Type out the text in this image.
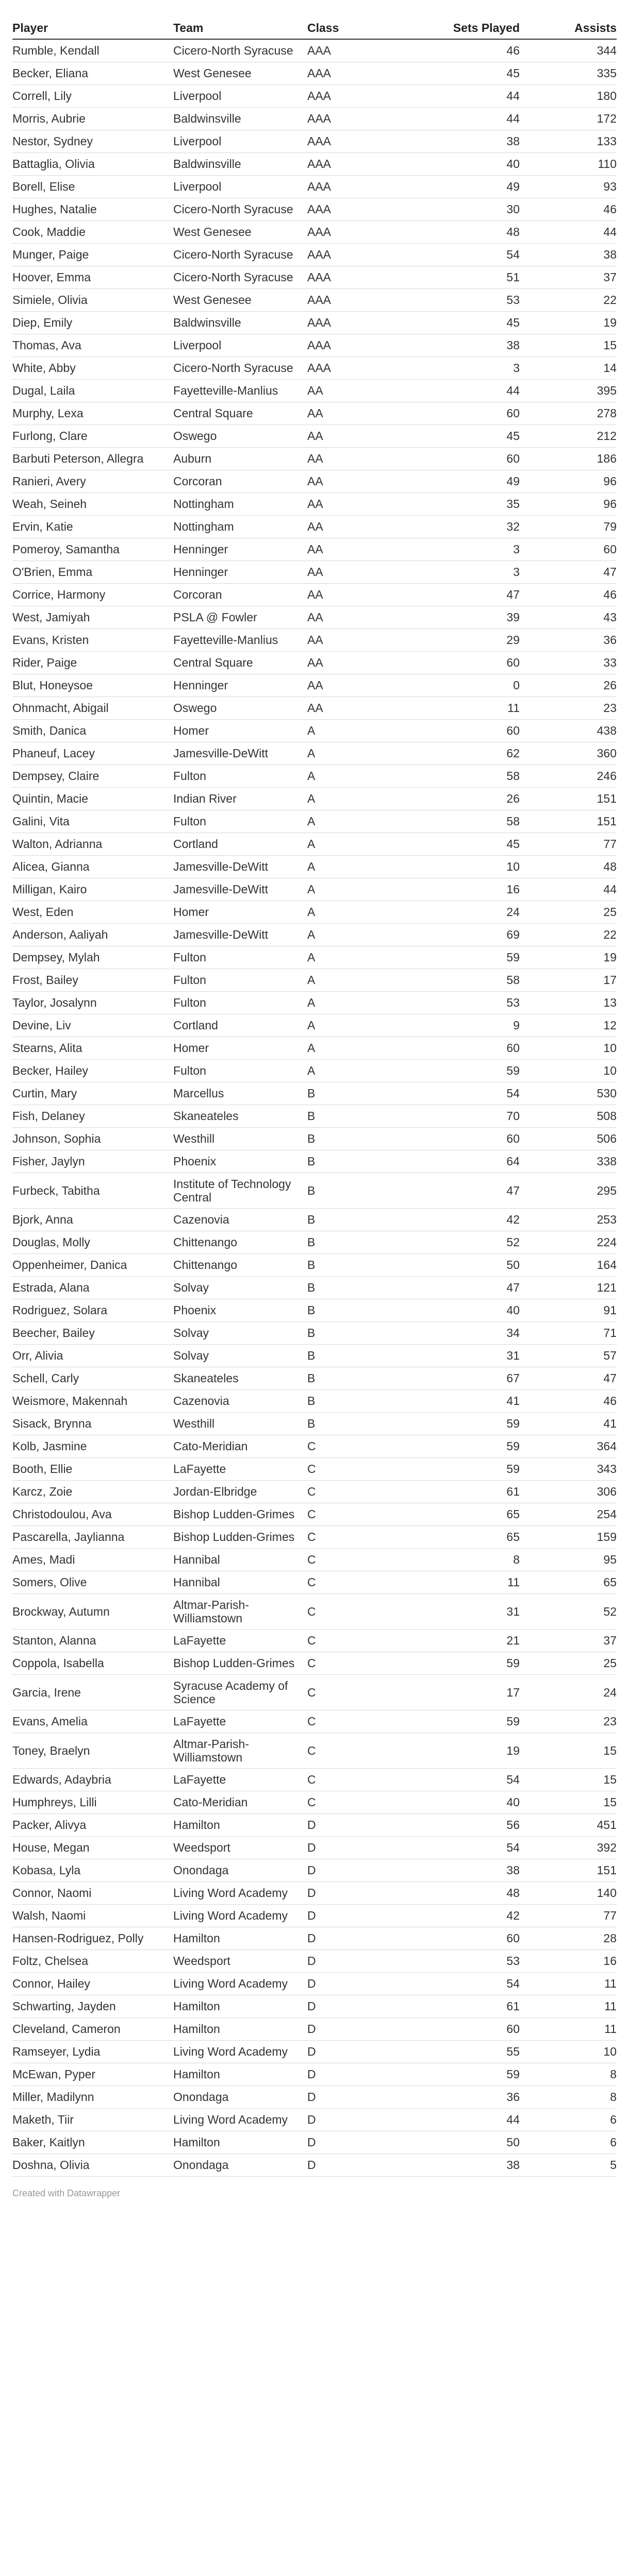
Player	Team	Class	Sets Played	Assists
Rumble, Kendall	Cicero-North Syracuse	AAA	46	344
Becker, Eliana	West Genesee	AAA	45	335
Correll, Lily	Liverpool	AAA	44	180
Morris, Aubrie	Baldwinsville	AAA	44	172
Nestor, Sydney	Liverpool	AAA	38	133
Battaglia, Olivia	Baldwinsville	AAA	40	110
Borell, Elise	Liverpool	AAA	49	93
Hughes, Natalie	Cicero-North Syracuse	AAA	30	46
Cook, Maddie	West Genesee	AAA	48	44
Munger, Paige	Cicero-North Syracuse	AAA	54	38
Hoover, Emma	Cicero-North Syracuse	AAA	51	37
Simiele, Olivia	West Genesee	AAA	53	22
Diep, Emily	Baldwinsville	AAA	45	19
Thomas, Ava	Liverpool	AAA	38	15
White, Abby	Cicero-North Syracuse	AAA	3	14
Dugal, Laila	Fayetteville-Manlius	AA	44	395
Murphy, Lexa	Central Square	AA	60	278
Furlong, Clare	Oswego	AA	45	212
Barbuti Peterson, Allegra	Auburn	AA	60	186
Ranieri, Avery	Corcoran	AA	49	96
Weah, Seineh	Nottingham	AA	35	96
Ervin, Katie	Nottingham	AA	32	79
Pomeroy, Samantha	Henninger	AA	3	60
O'Brien, Emma	Henninger	AA	3	47
Corrice, Harmony	Corcoran	AA	47	46
West, Jamiyah	PSLA @ Fowler	AA	39	43
Evans, Kristen	Fayetteville-Manlius	AA	29	36
Rider, Paige	Central Square	AA	60	33
Blut, Honeysoe	Henninger	AA	0	26
Ohnmacht, Abigail	Oswego	AA	11	23
Smith, Danica	Homer	A	60	438
Phaneuf, Lacey	Jamesville-DeWitt	A	62	360
Dempsey, Claire	Fulton	A	58	246
Quintin, Macie	Indian River	A	26	151
Galini, Vita	Fulton	A	58	151
Walton, Adrianna	Cortland	A	45	77
Alicea, Gianna	Jamesville-DeWitt	A	10	48
Milligan, Kairo	Jamesville-DeWitt	A	16	44
West, Eden	Homer	A	24	25
Anderson, Aaliyah	Jamesville-DeWitt	A	69	22
Dempsey, Mylah	Fulton	A	59	19
Frost, Bailey	Fulton	A	58	17
Taylor, Josalynn	Fulton	A	53	13
Devine, Liv	Cortland	A	9	12
Stearns, Alita	Homer	A	60	10
Becker, Hailey	Fulton	A	59	10
Curtin, Mary	Marcellus	B	54	530
Fish, Delaney	Skaneateles	B	70	508
Johnson, Sophia	Westhill	B	60	506
Fisher, Jaylyn	Phoenix	B	64	338
Furbeck, Tabitha	Institute of Technology Central	B	47	295
Bjork, Anna	Cazenovia	B	42	253
Douglas, Molly	Chittenango	B	52	224
Oppenheimer, Danica	Chittenango	B	50	164
Estrada, Alana	Solvay	B	47	121
Rodriguez, Solara	Phoenix	B	40	91
Beecher, Bailey	Solvay	B	34	71
Orr, Alivia	Solvay	B	31	57
Schell, Carly	Skaneateles	B	67	47
Weismore, Makennah	Cazenovia	B	41	46
Sisack, Brynna	Westhill	B	59	41
Kolb, Jasmine	Cato-Meridian	C	59	364
Booth, Ellie	LaFayette	C	59	343
Karcz, Zoie	Jordan-Elbridge	C	61	306
Christodoulou, Ava	Bishop Ludden-Grimes	C	65	254
Pascarella, Jaylianna	Bishop Ludden-Grimes	C	65	159
Ames, Madi	Hannibal	C	8	95
Somers, Olive	Hannibal	C	11	65
Brockway, Autumn	Altmar-Parish-Williamstown	C	31	52
Stanton, Alanna	LaFayette	C	21	37
Coppola, Isabella	Bishop Ludden-Grimes	C	59	25
Garcia, Irene	Syracuse Academy of Science	C	17	24
Evans, Amelia	LaFayette	C	59	23
Toney, Braelyn	Altmar-Parish-Williamstown	C	19	15
Edwards, Adaybria	LaFayette	C	54	15
Humphreys, Lilli	Cato-Meridian	C	40	15
Packer, Alivya	Hamilton	D	56	451
House, Megan	Weedsport	D	54	392
Kobasa, Lyla	Onondaga	D	38	151
Connor, Naomi	Living Word Academy	D	48	140
Walsh, Naomi	Living Word Academy	D	42	77
Hansen-Rodriguez, Polly	Hamilton	D	60	28
Foltz, Chelsea	Weedsport	D	53	16
Connor, Hailey	Living Word Academy	D	54	11
Schwarting, Jayden	Hamilton	D	61	11
Cleveland, Cameron	Hamilton	D	60	11
Ramseyer, Lydia	Living Word Academy	D	55	10
McEwan, Pyper	Hamilton	D	59	8
Miller, Madilynn	Onondaga	D	36	8
Maketh, Tiir	Living Word Academy	D	44	6
Baker, Kaitlyn	Hamilton	D	50	6
Doshna, Olivia	Onondaga	D	38	5
Created with Datawrapper
